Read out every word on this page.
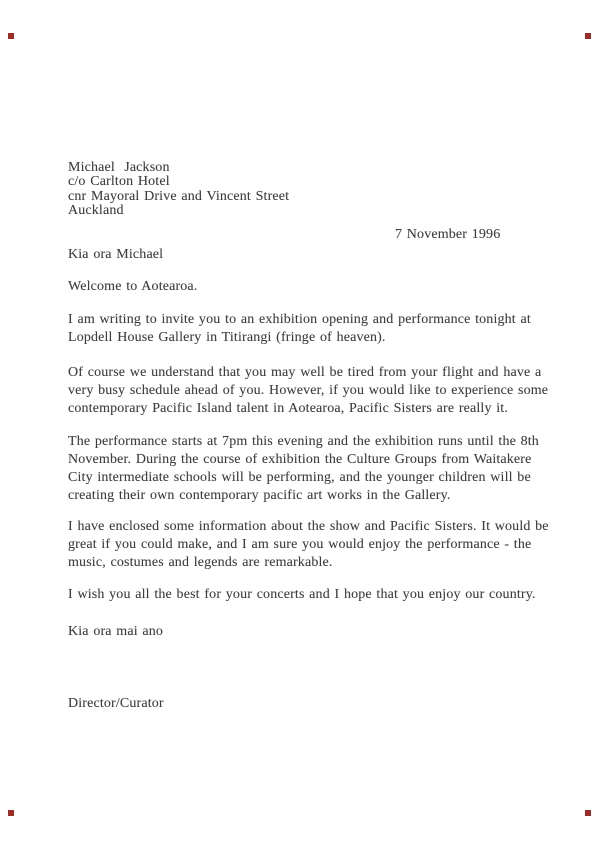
Michael  Jackson
c/o Carlton Hotel
cnr Mayoral Drive and Vincent Street
Auckland
7 November 1996
Kia ora Michael
Welcome to Aotearoa.
I am writing to invite you to an exhibition opening and performance tonight at
Lopdell House Gallery in Titirangi (fringe of heaven).
Of course we understand that you may well be tired from your flight and have a
very busy schedule ahead of you. However, if you would like to experience some
contemporary Pacific Island talent in Aotearoa, Pacific Sisters are really it.
The performance starts at 7pm this evening and the exhibition runs until the 8th
November. During the course of exhibition the Culture Groups from Waitakere
City intermediate schools will be performing, and the younger children will be
creating their own contemporary pacific art works in the Gallery.
I have enclosed some information about the show and Pacific Sisters. It would be
great if you could make, and I am sure you would enjoy the performance - the
music, costumes and legends are remarkable.
I wish you all the best for your concerts and I hope that you enjoy our country.
Kia ora mai ano
Director/Curator
